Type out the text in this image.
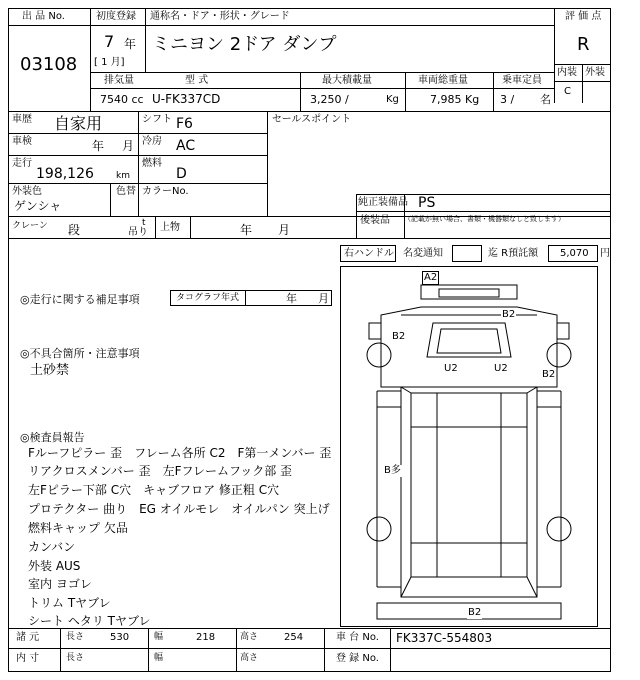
出 品 No.
03108
初度登録
7 年
[ 1 月]
通称名・ドア・形状・グレード
ミニヨン 2ドア ダンプ
評 価 点
R
内装 外装
C
排気量	型 式	最大積載量	車両総重量	乗車定員
7540 cc U-FK337CD	3,250 /	Kg	7,985 Kg 3 / 名
車歴 自家用	シフト F6
車検	年 月 冷房 AC
走行
198,126 km
燃料
D
外装色
ゲンシャ
色替 カラーNo.
セールスポイント
純正装備品 PS
後装品 （記載が無い場合、書類・機器類なしと致します）
クレーン 段	t
吊り 上物	年 月
右ハンドル 名変通知	迄 R預託額 5,070 円
◎走行に関する補足事項	タコグラフ年式	年 月
◎不具合箇所・注意事項
土砂禁
◎検査員報告
Fルーフピラー 歪　フレーム各所 C2　F第一メンバー 歪
リアクロスメンバー 歪　左Fフレームフック部 歪
左Fピラー下部 C穴　キャブフロア 修正粗 C穴
プロテクター 曲り　EG オイルモレ　オイルパン 突上げ
燃料キャップ 欠品
カンバン
外装 AUS
室内 ヨゴレ
トリム Tヤブレ
シート ヘタリ Tヤブレ
A2
B2
B2
B2
U2	U2
B多
B2
諸 元	長さ	530	幅	218	高さ	254	車 台 No. FK337C-554803
内 寸	長さ	幅	高さ	登 録 No.
